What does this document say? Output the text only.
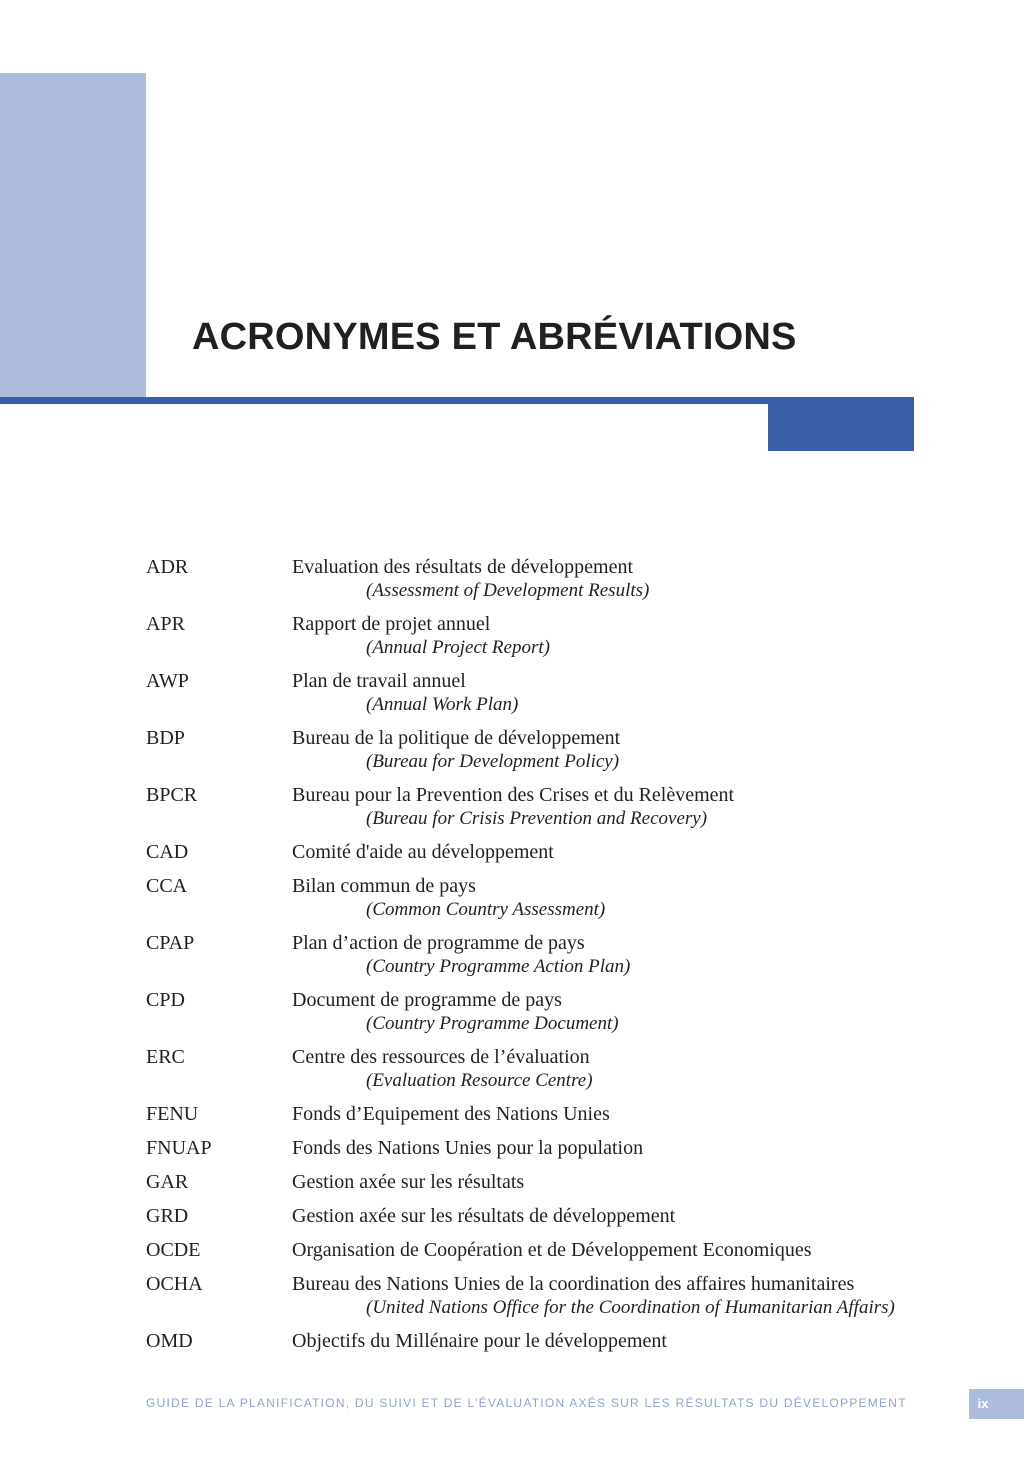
ACRONYMES ET ABRÉVIATIONS
ADR	Evaluation des résultats de développement
(Assessment of Development Results)
APR	Rapport de projet annuel
(Annual Project Report)
AWP	Plan de travail annuel
(Annual Work Plan)
BDP	Bureau de la politique de développement
(Bureau for Development Policy)
BPCR	Bureau pour la Prevention des Crises et du Relèvement
(Bureau for Crisis Prevention and Recovery)
CAD	Comité d'aide au développement
CCA	Bilan commun de pays
(Common Country Assessment)
CPAP	Plan d’action de programme de pays
(Country Programme Action Plan)
CPD	Document de programme de pays
(Country Programme Document)
ERC	Centre des ressources de l’évaluation
(Evaluation Resource Centre)
FENU	Fonds d’Equipement des Nations Unies
FNUAP	Fonds des Nations Unies pour la population
GAR	Gestion axée sur les résultats
GRD	Gestion axée sur les résultats de développement
OCDE	Organisation de Coopération et de Développement Economiques
OCHA	Bureau des Nations Unies de la coordination des affaires humanitaires
(United Nations Office for the Coordination of Humanitarian Affairs)
OMD	Objectifs du Millénaire pour le développement
GUIDE DE LA PLANIFICATION, DU SUIVI ET DE L’ÉVALUATION AXÉS SUR LES RÉSULTATS DU DÉVELOPPEMENT	ix
